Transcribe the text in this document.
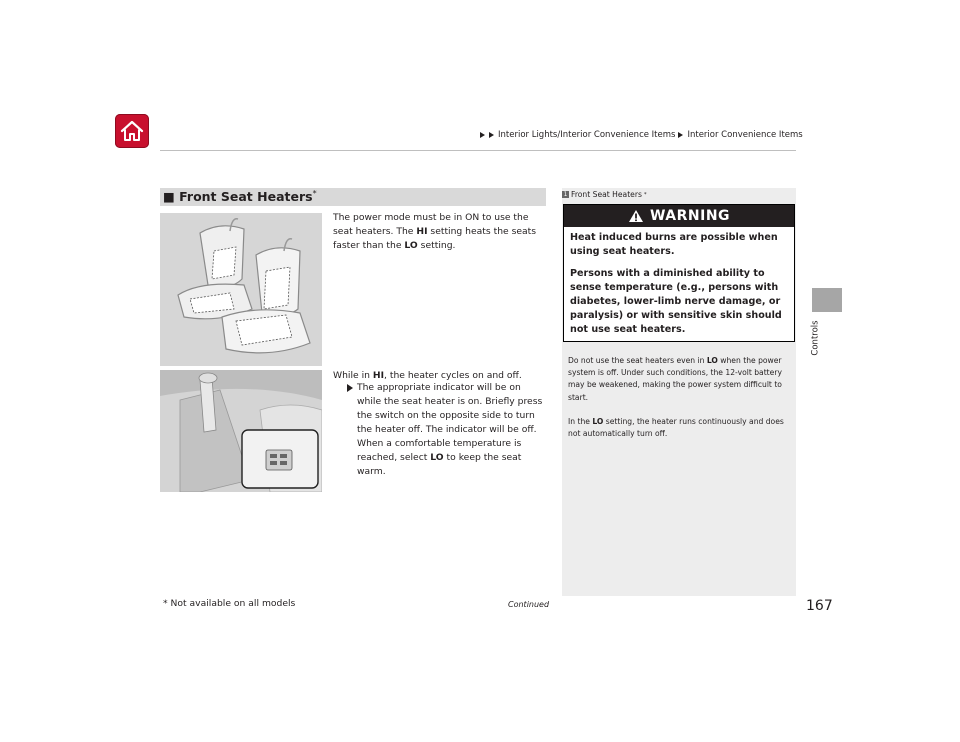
Interior Lights/Interior Convenience Items Interior Convenience Items
Controls
■ Front Seat Heaters*
The power mode must be in ON to use the seat heaters. The HI setting heats the seats faster than the LO setting.
While in HI, the heater cycles on and off.
The appropriate indicator will be on while the seat heater is on. Briefly press the switch on the opposite side to turn the heater off. The indicator will be off. When a comfortable temperature is reached, select LO to keep the seat warm.
1 Front Seat Heaters *
WARNING

Heat induced burns are possible when using seat heaters.

Persons with a diminished ability to sense temperature (e.g., persons with diabetes, lower-limb nerve damage, or paralysis) or with sensitive skin should not use seat heaters.

Do not use the seat heaters even in LO when the power system is off. Under such conditions, the 12-volt battery may be weakened, making the power system difficult to start.

In the LO setting, the heater runs continuously and does not automatically turn off.

Continued	167
* Not available on all models
